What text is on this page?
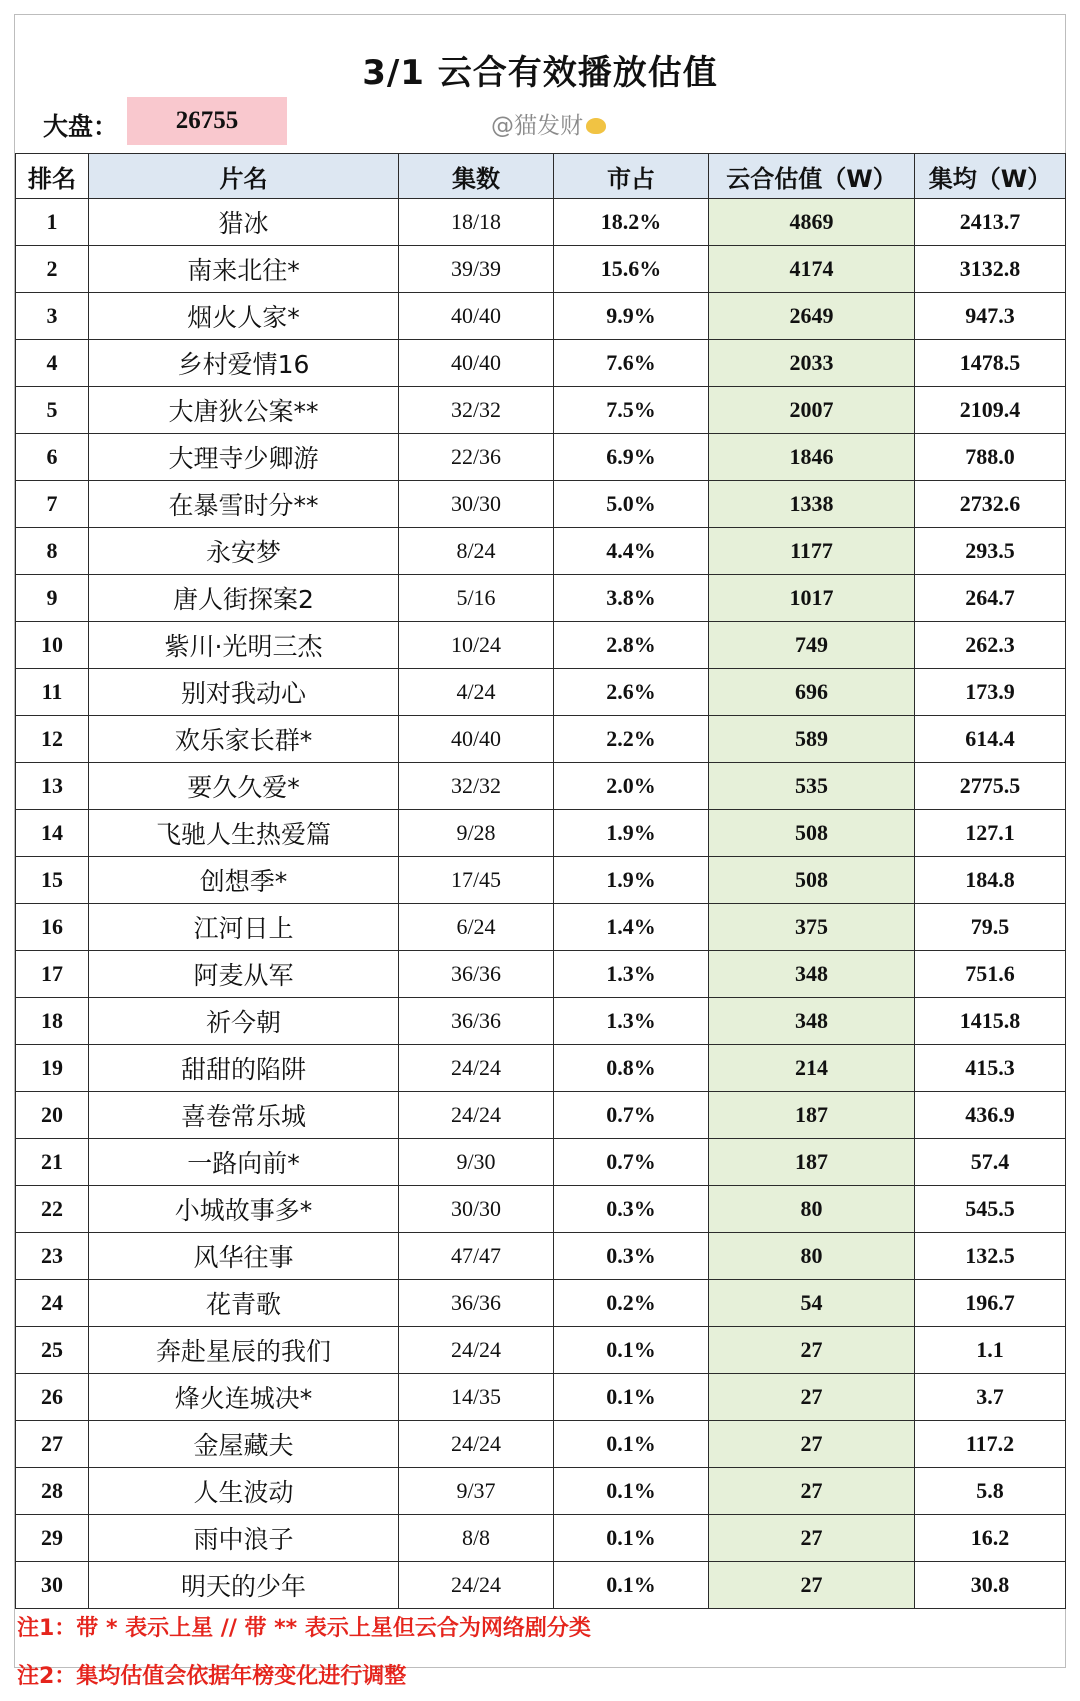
3/1 云合有效播放估值
大盘：	26755	@猫发财
排名	片名	集数	市占	云合估值（W）	集均（W）
1	猎冰	18/18	18.2%	4869	2413.7
2	南来北往*	39/39	15.6%	4174	3132.8
3	烟火人家*	40/40	9.9%	2649	947.3
4	乡村爱情16	40/40	7.6%	2033	1478.5
5	大唐狄公案**	32/32	7.5%	2007	2109.4
6	大理寺少卿游	22/36	6.9%	1846	788.0
7	在暴雪时分**	30/30	5.0%	1338	2732.6
8	永安梦	8/24	4.4%	1177	293.5
9	唐人街探案2	5/16	3.8%	1017	264.7
10	紫川·光明三杰	10/24	2.8%	749	262.3
11	别对我动心	4/24	2.6%	696	173.9
12	欢乐家长群*	40/40	2.2%	589	614.4
13	要久久爱*	32/32	2.0%	535	2775.5
14	飞驰人生热爱篇	9/28	1.9%	508	127.1
15	创想季*	17/45	1.9%	508	184.8
16	江河日上	6/24	1.4%	375	79.5
17	阿麦从军	36/36	1.3%	348	751.6
18	祈今朝	36/36	1.3%	348	1415.8
19	甜甜的陷阱	24/24	0.8%	214	415.3
20	喜卷常乐城	24/24	0.7%	187	436.9
21	一路向前*	9/30	0.7%	187	57.4
22	小城故事多*	30/30	0.3%	80	545.5
23	风华往事	47/47	0.3%	80	132.5
24	花青歌	36/36	0.2%	54	196.7
25	奔赴星辰的我们	24/24	0.1%	27	1.1
26	烽火连城决*	14/35	0.1%	27	3.7
27	金屋藏夫	24/24	0.1%	27	117.2
28	人生波动	9/37	0.1%	27	5.8
29	雨中浪子	8/8	0.1%	27	16.2
30	明天的少年	24/24	0.1%	27	30.8
注1：带 * 表示上星 // 带 ** 表示上星但云合为网络剧分类
注2：集均估值会依据年榜变化进行调整
